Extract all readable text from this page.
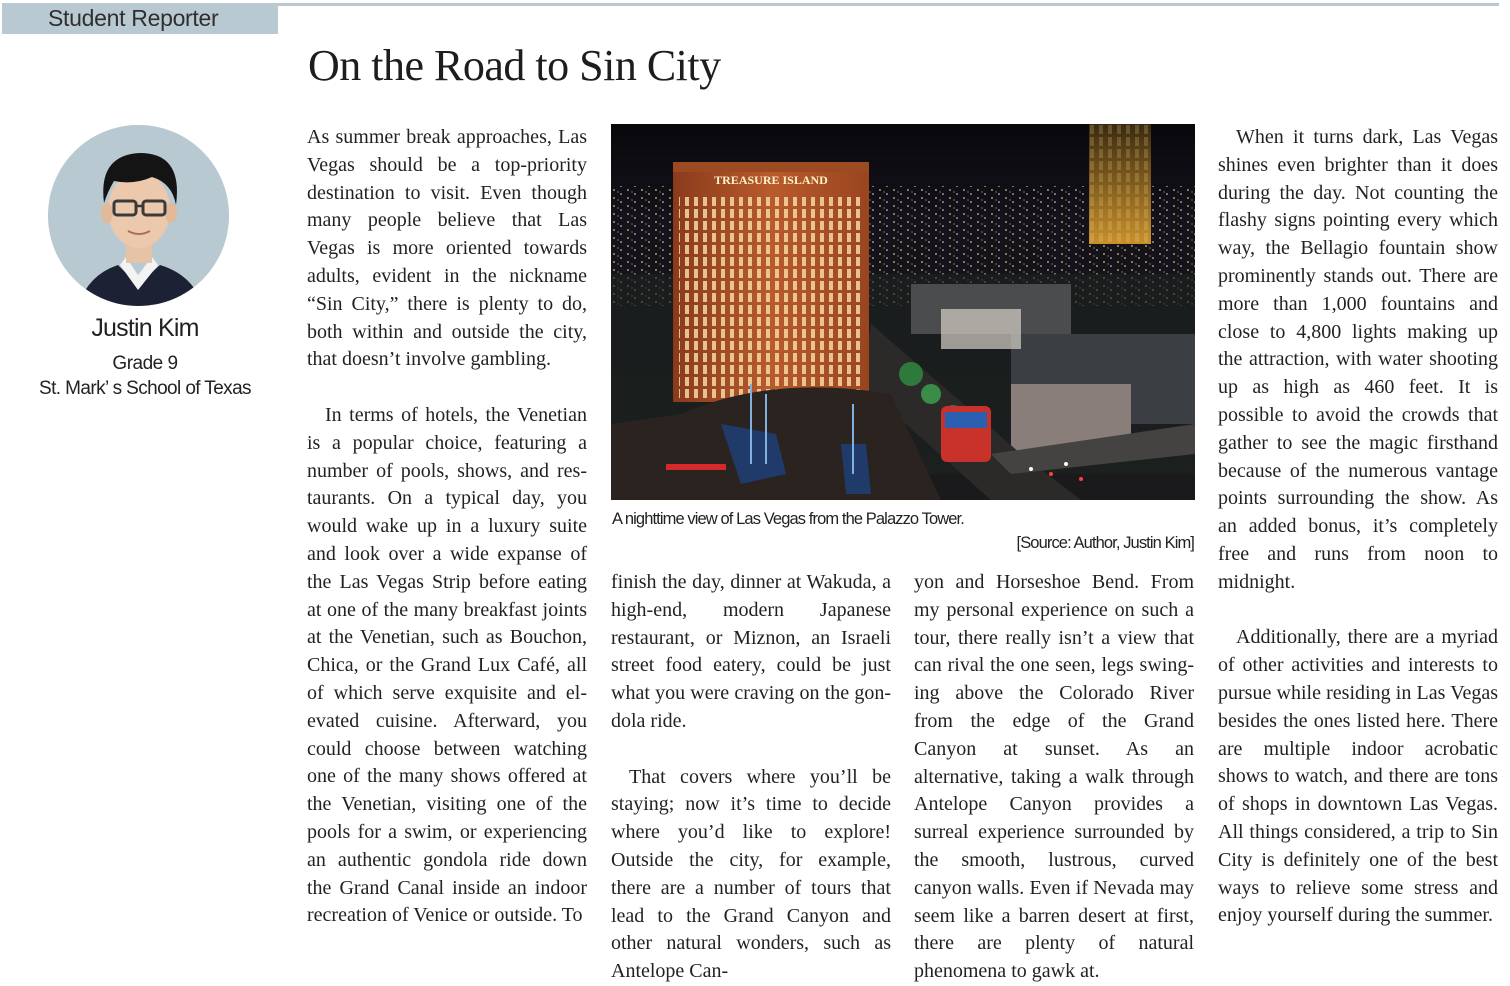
Student Reporter
On the Road to Sin City
Justin Kim
Grade 9
St. Mark’ s School of Texas

As summer break approaches, Las Vegas should be a top-priority destination to visit. Even though many people believe that Las Vegas is more oriented towards adults, evident in the nickname “Sin City,” there is plenty to do, both within and outside the city, that doesn’t involve gambling.

In terms of hotels, the Venetian is a popular choice, featuring a number of pools, shows, and restaurants. On a typical day, you would wake up in a luxury suite and look over a wide expanse of the Las Vegas Strip before eating at one of the many breakfast joints at the Venetian, such as Bouchon, Chica, or the Grand Lux Café, all of which serve exquisite and elevated cuisine. Afterward, you could choose between watching one of the many shows offered at the Venetian, visiting one of the pools for a swim, or experiencing an authentic gondola ride down the Grand Canal inside an indoor recreation of Venice or outside. To

TREASURE ISLAND
A nighttime view of Las Vegas from the Palazzo Tower.
[Source: Author, Justin Kim]

finish the day, dinner at Wakuda, a high-end, modern Japanese restaurant, or Miznon, an Israeli street food eatery, could be just what you were craving on the gondola ride.

That covers where you’ll be staying; now it’s time to decide where you’d like to explore! Outside the city, for example, there are a number of tours that lead to the Grand Canyon and other natural wonders, such as Antelope Can-

yon and Horseshoe Bend. From my personal experience on such a tour, there really isn’t a view that can rival the one seen, legs swinging above the Colorado River from the edge of the Grand Canyon at sunset. As an alternative, taking a walk through Antelope Canyon provides a surreal experience surrounded by the smooth, lustrous, curved canyon walls. Even if Nevada may seem like a barren desert at first, there are plenty of natural phenomena to gawk at.

When it turns dark, Las Vegas shines even brighter than it does during the day. Not counting the flashy signs pointing every which way, the Bellagio fountain show prominently stands out. There are more than 1,000 fountains and close to 4,800 lights making up the attraction, with water shooting up as high as 460 feet. It is possible to avoid the crowds that gather to see the magic firsthand because of the numerous vantage points surrounding the show. As an added bonus, it’s completely free and runs from noon to midnight.

Additionally, there are a myriad of other activities and interests to pursue while residing in Las Vegas besides the ones listed here. There are multiple indoor acrobatic shows to watch, and there are tons of shops in downtown Las Vegas. All things considered, a trip to Sin City is definitely one of the best ways to relieve some stress and enjoy yourself during the summer.
